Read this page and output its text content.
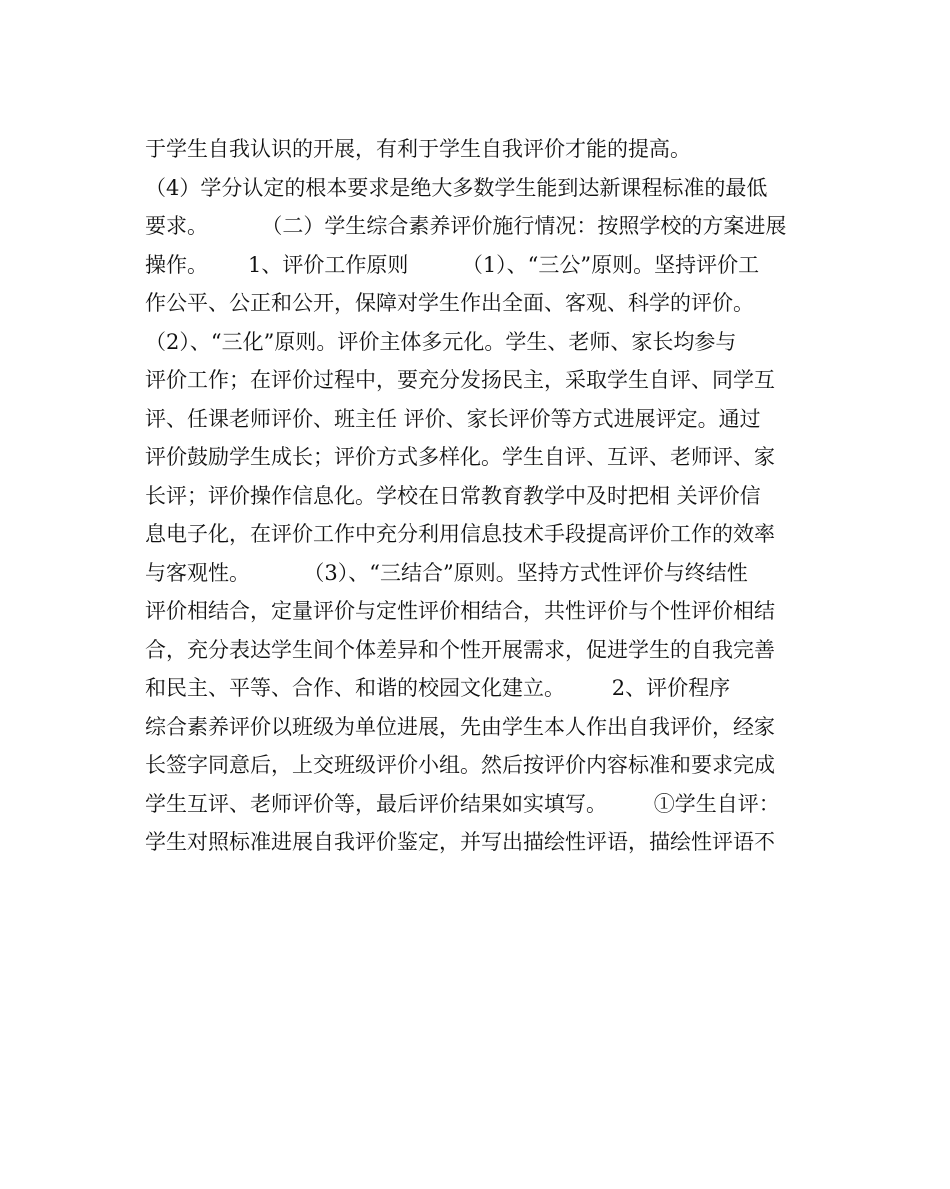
于学生自我认识的开展，有利于学生自我评价才能的提高。
（4）学分认定的根本要求是绝大多数学生能到达新课程标准的最低
要求。        （二）学生综合素养评价施行情况：按照学校的方案进展
操作。      1、评价工作原则        （1）、“三公”原则。坚持评价工
作公平、公正和公开，保障对学生作出全面、客观、科学的评价。
（2）、“三化”原则。评价主体多元化。学生、老师、家长均参与
评价工作；在评价过程中，要充分发扬民主，采取学生自评、同学互
评、任课老师评价、班主任 评价、家长评价等方式进展评定。通过
评价鼓励学生成长；评价方式多样化。学生自评、互评、老师评、家
长评；评价操作信息化。学校在日常教育教学中及时把相 关评价信
息电子化，在评价工作中充分利用信息技术手段提高评价工作的效率
与客观性。        （3）、“三结合”原则。坚持方式性评价与终结性
评价相结合，定量评价与定性评价相结合，共性评价与个性评价相结
合，充分表达学生间个体差异和个性开展需求，促进学生的自我完善
和民主、平等、合作、和谐的校园文化建立。       2、评价程序
综合素养评价以班级为单位进展，先由学生本人作出自我评价，经家
长签字同意后，上交班级评价小组。然后按评价内容标准和要求完成
学生互评、老师评价等，最后评价结果如实填写。       ①学生自评：
学生对照标准进展自我评价鉴定，并写出描绘性评语，描绘性评语不
